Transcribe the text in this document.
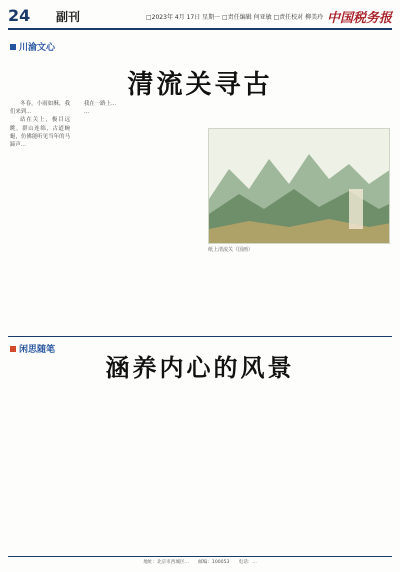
24 副刊	□2023年 4月 17日 星期一 □责任编辑 何亚敏 □责任校对 柳美玲 中国税务报
川渝文心
清流关寻古

冬春，小雨如酥，我们来到...

站在关上，极目远眺，群山连绵，古道蜿蜒，仿佛能听见当年的马蹄声...

我在一路上...

...

纸上清流关（国画）
闲思随笔
涵养内心的风景
地址：北京市西城区...　　邮编：100053　　电话：...
